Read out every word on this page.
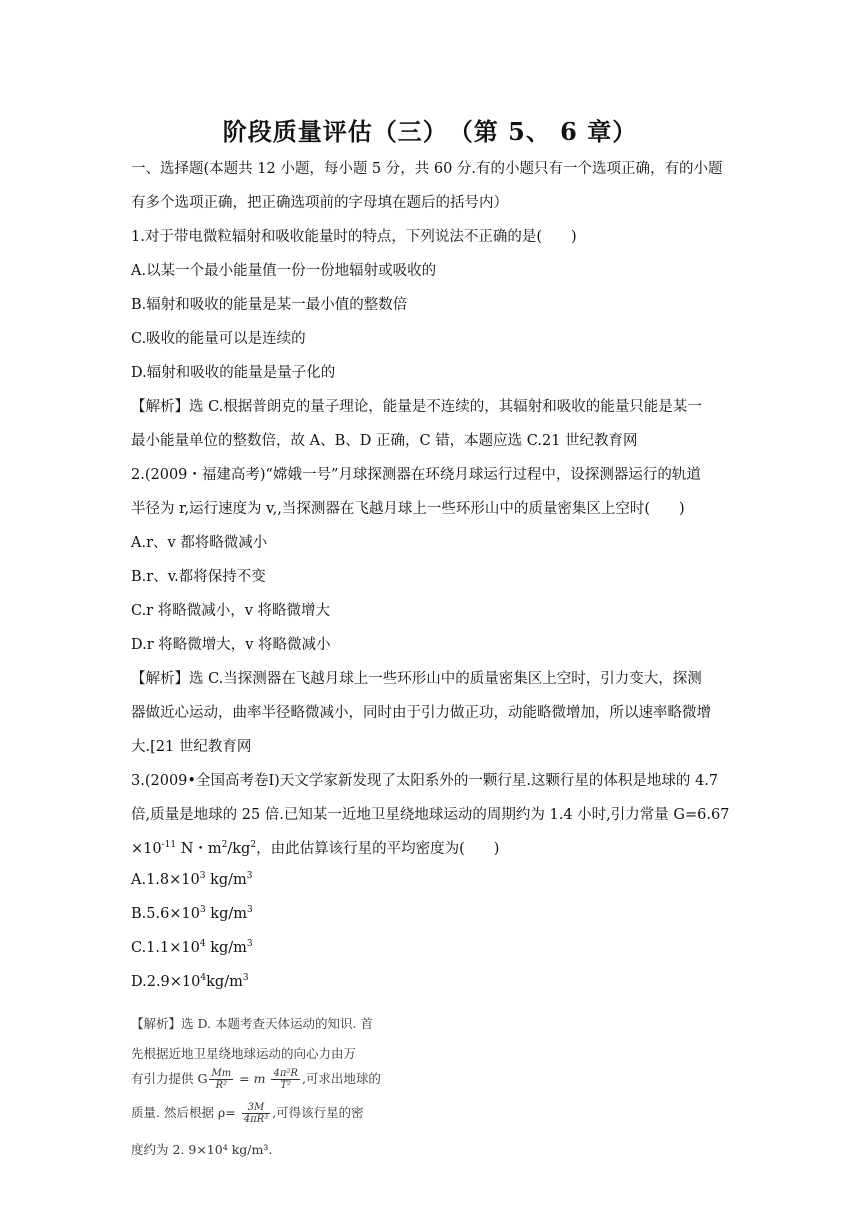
阶段质量评估（三）　（第 5、 6 章）
一、选择题(本题共 12 小题，每小题 5 分，共 60 分.有的小题只有一个选项正确，有的小题
有多个选项正确，把正确选项前的字母填在题后的括号内）
1.对于带电微粒辐射和吸收能量时的特点，下列说法不正确的是(　　)
A.以某一个最小能量值一份一份地辐射或吸收的
B.辐射和吸收的能量是某一最小值的整数倍
C.吸收的能量可以是连续的
D.辐射和吸收的能量是量子化的
【解析】选 C.根据普朗克的量子理论，能量是不连续的，其辐射和吸收的能量只能是某一
最小能量单位的整数倍，故 A、B、D 正确，C 错，本题应选 C.21 世纪教育网
2.(2009・福建高考)“嫦娥一号”月球探测器在环绕月球运行过程中，设探测器运行的轨道
半径为 r,运行速度为 v,,当探测器在飞越月球上一些环形山中的质量密集区上空时(　　)
A.r、v 都将略微减小
B.r、v.都将保持不变
C.r 将略微减小，v 将略微增大
D.r 将略微增大，v 将略微减小
【解析】选 C.当探测器在飞越月球上一些环形山中的质量密集区上空时，引力变大，探测
器做近心运动，曲率半径略微减小，同时由于引力做正功，动能略微增加，所以速率略微增
大.[21 世纪教育网
3.(2009•全国高考卷Ⅰ)天文学家新发现了太阳系外的一颗行星.这颗行星的体积是地球的 4.7
倍,质量是地球的 25 倍.已知某一近地卫星绕地球运动的周期约为 1.4 小时,引力常量 G=6.67
$\times 10^{-11}$ N・$m^2/kg^2$，由此估算该行星的平均密度为(　　)
$A.1.8\times 10^3$ $kg/m^3$
$B.5.6\times 10^3$ $kg/m^3$
$C.1.1\times 10^4$ $kg/m^3$
$D.2.9\times 10^4kg/m^3$
【解析】选 D. 本题考查天体运动的知识. 首
先根据近地卫星绕地球运动的向心力由万
有引力提供 G $\frac{Mm}{\text{R²}} = m \frac{\text{4π²R}}{\text{T²}}$ ,可求出地球的
质量. 然后根据 $\rho= \frac{3M}{\text{4πR³}}$ ,可得该行星的密
度约为 2. 9×10⁴ kg/m³.
